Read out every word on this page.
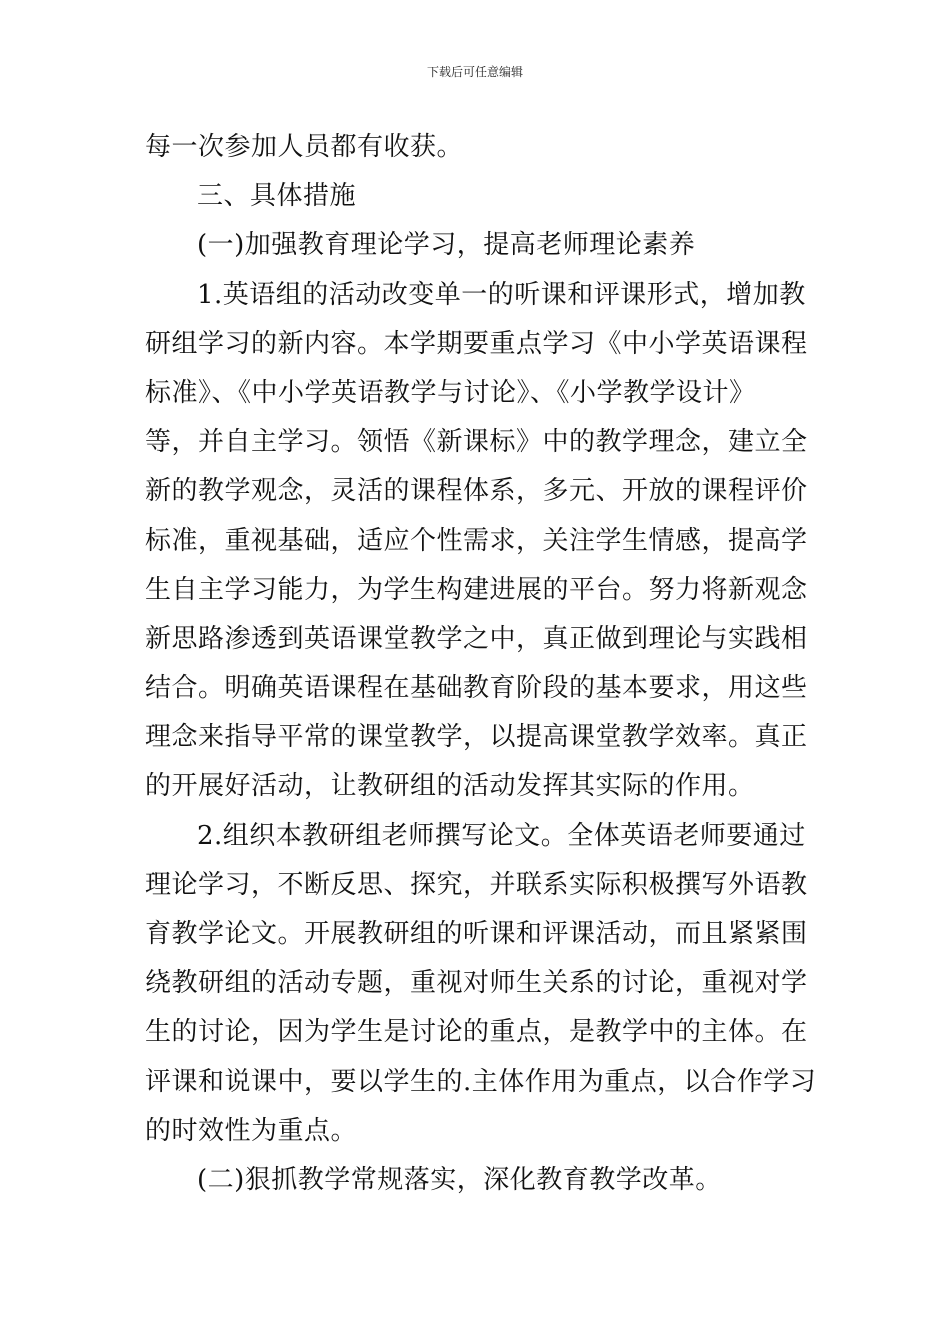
下载后可任意编辑
每一次参加人员都有收获。
三、具体措施
(一)加强教育理论学习，提高老师理论素养
1.英语组的活动改变单一的听课和评课形式，增加教
研组学习的新内容。本学期要重点学习《中小学英语课程
标准》、《中小学英语教学与讨论》、《小学教学设计》
等，并自主学习。领悟《新课标》中的教学理念，建立全
新的教学观念，灵活的课程体系，多元、开放的课程评价
标准，重视基础，适应个性需求，关注学生情感，提高学
生自主学习能力，为学生构建进展的平台。努力将新观念
新思路渗透到英语课堂教学之中，真正做到理论与实践相
结合。明确英语课程在基础教育阶段的基本要求，用这些
理念来指导平常的课堂教学，以提高课堂教学效率。真正
的开展好活动，让教研组的活动发挥其实际的作用。
2.组织本教研组老师撰写论文。全体英语老师要通过
理论学习，不断反思、探究，并联系实际积极撰写外语教
育教学论文。开展教研组的听课和评课活动，而且紧紧围
绕教研组的活动专题，重视对师生关系的讨论，重视对学
生的讨论，因为学生是讨论的重点，是教学中的主体。在
评课和说课中，要以学生的.主体作用为重点，以合作学习
的时效性为重点。
(二)狠抓教学常规落实，深化教育教学改革。
